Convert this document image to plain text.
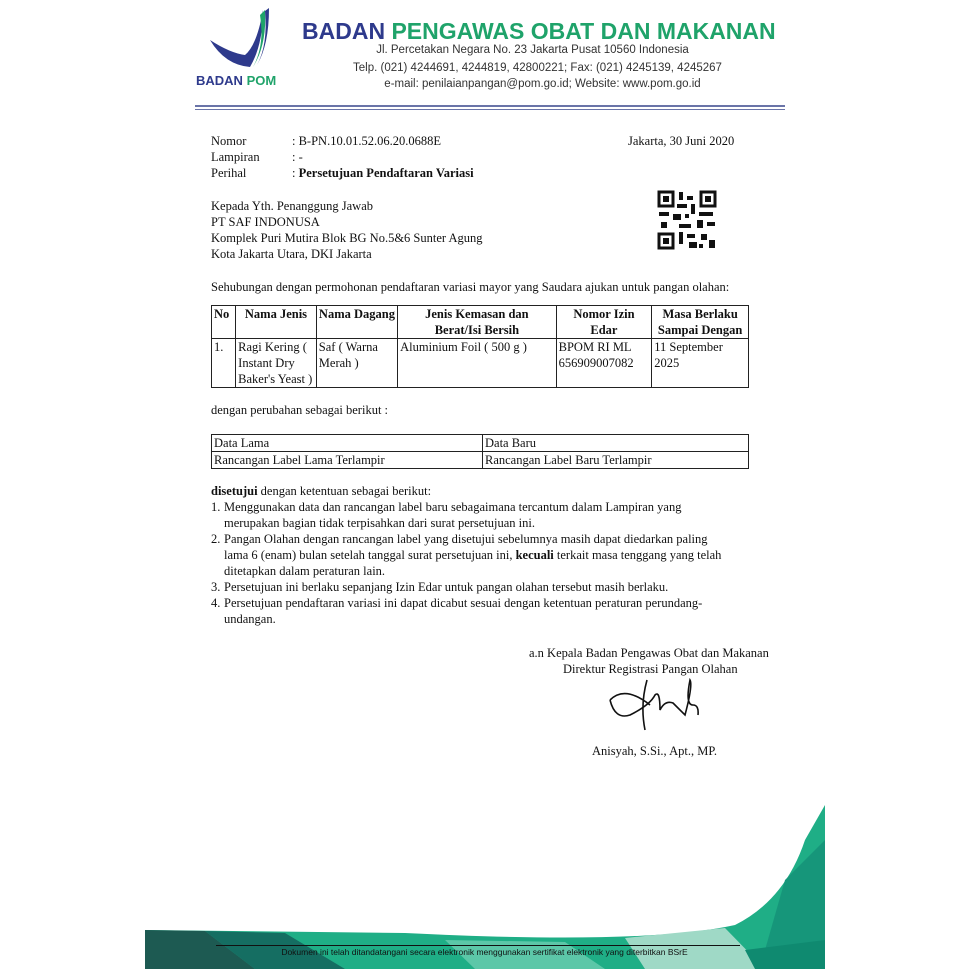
BADAN POM
BADAN PENGAWAS OBAT DAN MAKANAN
Jl. Percetakan Negara No. 23 Jakarta Pusat 10560 Indonesia
Telp. (021) 4244691, 4244819, 42800221; Fax: (021) 4245139, 4245267
e-mail: penilaianpangan@pom.go.id; Website: www.pom.go.id
Nomor	: B-PN.10.01.52.06.20.0688E
Lampiran	: -
Perihal	: Persetujuan Pendaftaran Variasi
Jakarta, 30 Juni 2020
Kepada Yth. Penanggung Jawab
PT SAF INDONUSA
Komplek Puri Mutira Blok BG No.5&6 Sunter Agung
Kota Jakarta Utara, DKI Jakarta
Sehubungan dengan permohonan pendaftaran variasi mayor yang Saudara ajukan untuk pangan olahan:
No	Nama Jenis	Nama Dagang	Jenis Kemasan dan Berat/Isi Bersih	Nomor Izin Edar	Masa Berlaku Sampai Dengan
1.	Ragi Kering ( Instant Dry Baker's Yeast )	Saf ( Warna Merah )	Aluminium Foil ( 500 g )	BPOM RI ML 656909007082	11 September 2025
dengan perubahan sebagai berikut :
Data Lama	Data Baru
Rancangan Label Lama Terlampir	Rancangan Label Baru Terlampir
disetujui dengan ketentuan sebagai berikut:
1. Menggunakan data dan rancangan label baru sebagaimana tercantum dalam Lampiran yang
merupakan bagian tidak terpisahkan dari surat persetujuan ini.
2. Pangan Olahan dengan rancangan label yang disetujui sebelumnya masih dapat diedarkan paling
lama 6 (enam) bulan setelah tanggal surat persetujuan ini, kecuali terkait masa tenggang yang telah
ditetapkan dalam peraturan lain.
3. Persetujuan ini berlaku sepanjang Izin Edar untuk pangan olahan tersebut masih berlaku.
4. Persetujuan pendaftaran variasi ini dapat dicabut sesuai dengan ketentuan peraturan perundang-
undangan.
a.n Kepala Badan Pengawas Obat dan Makanan
Direktur Registrasi Pangan Olahan
Anisyah, S.Si., Apt., MP.
Dokumen ini telah ditandatangani secara elektronik menggunakan sertifikat elektronik yang diterbitkan BSrE
